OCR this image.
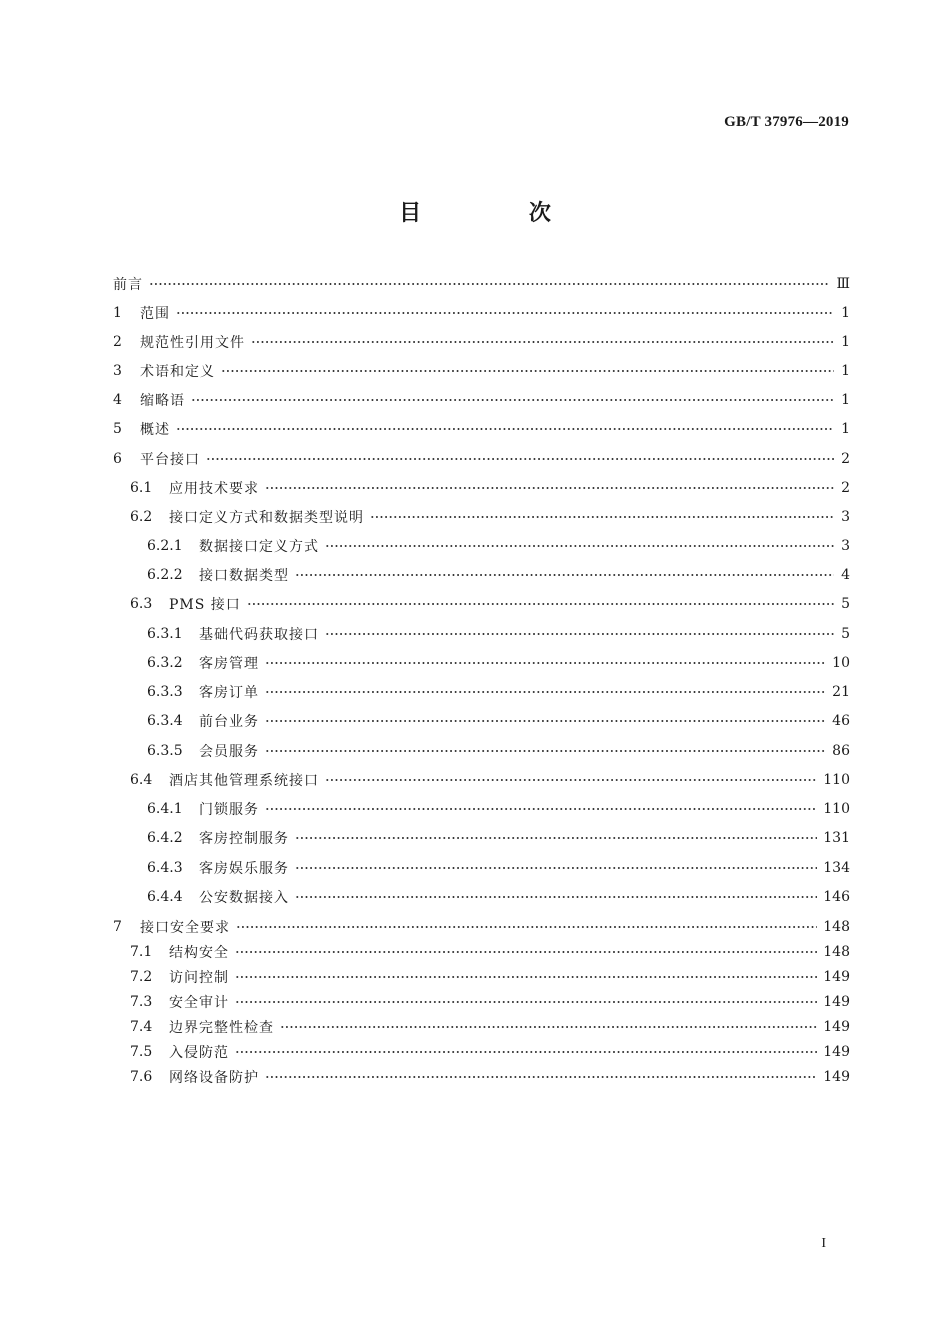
GB/T 37976—2019
目 次
前言	Ⅲ
1	范围	1
2	规范性引用文件	1
3	术语和定义	1
4	缩略语	1
5	概述	1
6	平台接口	2
6.1	应用技术要求	2
6.2	接口定义方式和数据类型说明	3
6.2.1	数据接口定义方式	3
6.2.2	接口数据类型	4
6.3	PMS 接口	5
6.3.1	基础代码获取接口	5
6.3.2	客房管理	10
6.3.3	客房订单	21
6.3.4	前台业务	46
6.3.5	会员服务	86
6.4	酒店其他管理系统接口	110
6.4.1	门锁服务	110
6.4.2	客房控制服务	131
6.4.3	客房娱乐服务	134
6.4.4	公安数据接入	146
7	接口安全要求	148
7.1	结构安全	148
7.2	访问控制	149
7.3	安全审计	149
7.4	边界完整性检查	149
7.5	入侵防范	149
7.6	网络设备防护	149
I
